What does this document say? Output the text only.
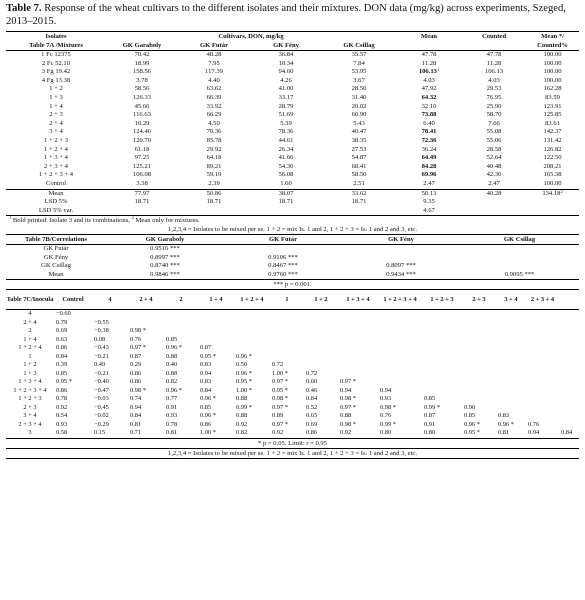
Table 7. Response of the wheat cultivars to the different isolates and their mixtures. DON data (mg/kg) across experiments, Szeged, 2013–2015.
Isolates	Cultivars, DON, mg/kg				Mean	Counted	Mean */
Table 7A /Mixtures	GK Garaboly	GK Futár	GK Fény	GK Csillag			Counted%
1 Fc 12375	70.42	48.28	36.84	35.57	47.78	47.78	100.00
2 Fc 52.10	18.99	7.95	10.34	7.84	11.28	11.28	100.00
3 Fg 19.42	158.56	117.39	94.60	53.95	106.13$^1$	106.13	100.00
4 Fg 13.38	3.78	4.40	4.26	3.67	4.03	4.03	100.00
1 + 2	58.56	63.62	41.00	28.50	47.92	29.53	162.28
1 + 3	126.33	66.39	33.17	31.40	64.32	76.95	83.59
1 + 4	45.66	33.92	28.79	20.02	32.10	25.90	123.91
2 + 3	116.63	66.29	51.69	60.90	73.88	58.70	125.85
2 + 4	10.29	4.50	5.39	5.43	6.40	7.66	83.61
3 + 4	124.46	70.36	78.36	40.47	78.41	55.08	142.37
1 + 2 + 3	120.70	85.78	44.61	38.35	72.36	55.06	131.42
1 + 2 + 4	61.18	29.92	26.34	27.53	36.24	28.58	126.82
1 + 3 + 4	97.25	64.18	41.66	54.87	64.49	52.64	122.50
2 + 3 + 4	125.21	89.21	54.30	68.41	84.28	40.48	208.21
1 + 2 + 3 + 4	106.08	59.19	56.08	58.50	69.96	42.30	165.38
Control	3.38	2.39	1.60	2.51	2.47	2.47	100.00
Mean	77.97	50.86	38.07	33.62	50.13	40.28	134.18$^2$
LSD 5%	18.71	18.71	18.71	18.71	9.35		
LSD 5% var.					4.67		
$^1$ Bold printed: Isolate 3 and its combinations, $^2$ Mean only for mixtures.
1,2,3,4 = Isolates to be mixed per se. 1 + 2 = mix Is. 1 and 2, 1 + 2 + 3 = Is. 1 and 2 and 3, etc.
Table 7B/Correlations	GK Garaboly	GK Futár	GK Fény	GK Csillag
GK Futár	0.9516 ***			
GK Fény	0.8997 ***	0.9106 ***		
GK Csillag	0.8740 ***	0.8467 ***	0.8097 ***	
Mean	0.9846 ***	0.9760 ***	0.9434 ***	0.9095 ***
*** p = 0.001.
Table 7C/Inocula	Control	4	2 + 4	2	1 + 4	1 + 2 + 4	1	1 + 2	1 + 3 + 4	1 + 2 + 3 + 4	1 + 2 + 3	2 + 3	3 + 4	2 + 3 + 4	
4	−0.60														
2 + 4	0.79	−0.55													
2	0.69	−0.38	0.98 *												
1 + 4	0.63	0.08	0.76	0.85											
1 + 2 + 4	0.86	−0.43	0.97 *	0.96 *	0.87										
1	0.84	−0.21	0.87	0.88	0.95 *	0.96 *									
1 + 2	0.39	0.49	0.29	0.40	0.83	0.50	0.72								
1 + 3	0.85	−0.21	0.86	0.88	0.94	0.96 *	1.00 *	0.72							
1 + 3 + 4	0.95 *	−0.40	0.86	0.82	0.83	0.95 *	0.97 *	0.60	0.97 *						
1 + 2 + 3 + 4	0.86	−0.47	0.98 *	0.96 *	0.84	1.00 *	0.95 *	0.46	0.94	0.94					
1 + 2 + 3	0.78	−0.03	0.74	0.77	0.96 *	0.88	0.98 *	0.84	0.98 *	0.93	0.85				
2 + 3	0.92	−0.45	0.94	0.91	0.85	0.99 *	0.97 *	0.52	0.97 *	0.98 *	0.99 *	0.90			
3 + 4	0.54	−0.02	0.84	0.93	0.96 *	0.88	0.89	0.65	0.88	0.76	0.87	0.85	0.83		
2 + 3 + 4	0.93	−0.29	0.81	0.78	0.86	0.92	0.97 *	0.69	0.98 *	0.99 *	0.91	0.96 *	0.96 *	0.76	
3	0.58	0.15	0.71	0.81	1.00 *	0.82	0.92	0.86	0.92	0.80	0.80	0.95 *	0.81	0.94	0.84
* p = 0.05. Limit: r = 0.95
1,2,3,4 = Isolates to be mixed per se. 1 + 2 = mix Is. 1 and 2, 1 + 2 + 3 = Is. 1 and 2 and 3, etc.
